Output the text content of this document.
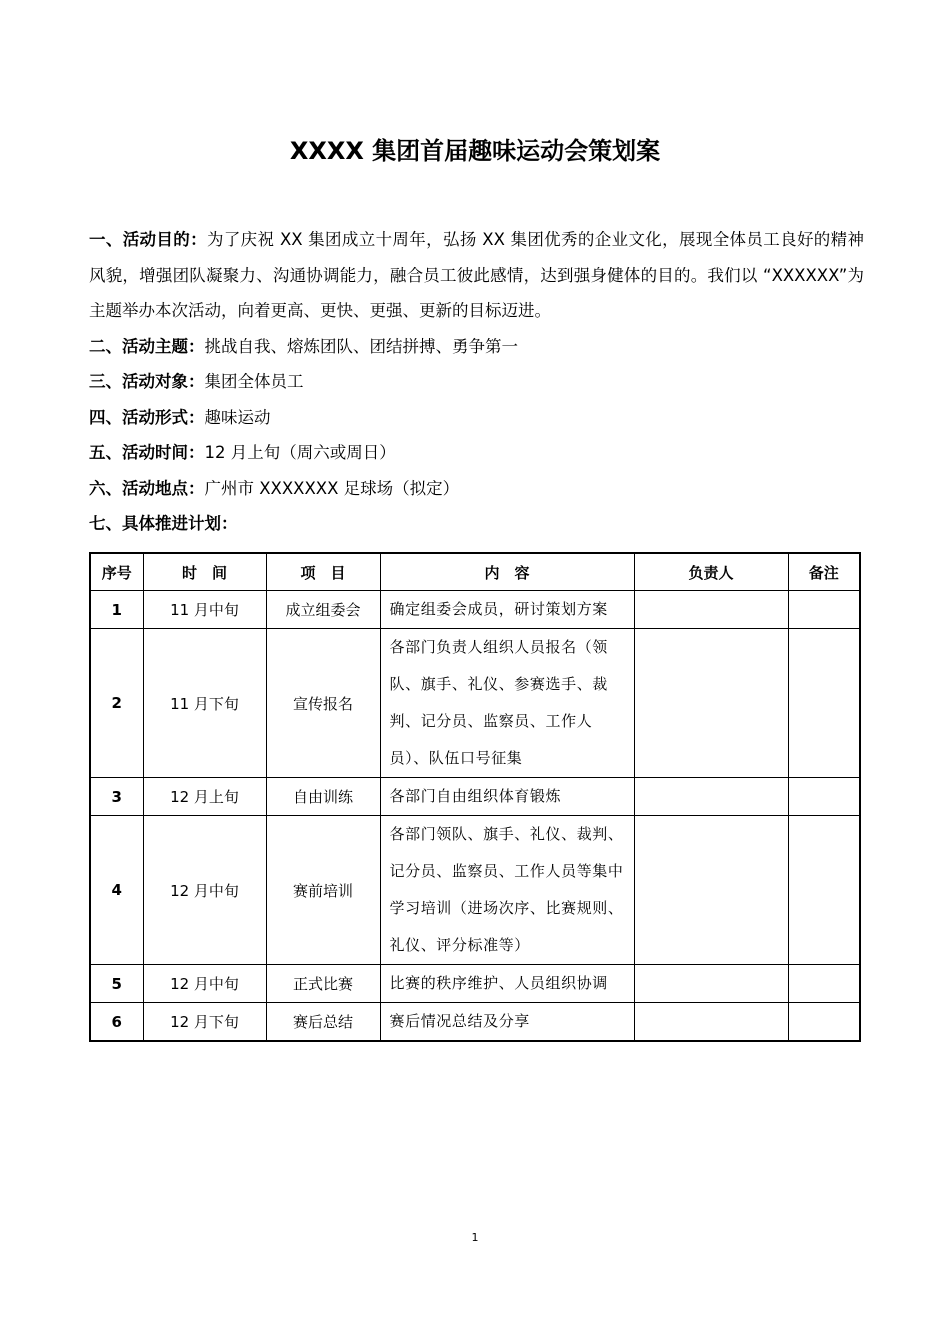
XXXX 集团首届趣味运动会策划案

一、活动目的：为了庆祝 XX 集团成立十周年，弘扬 XX 集团优秀的企业文化，展现全体员工良好的精神风貌，增强团队凝聚力、沟通协调能力，融合员工彼此感情，达到强身健体的目的。我们以 “XXXXXX”为主题举办本次活动，向着更高、更快、更强、更新的目标迈进。

二、活动主题：挑战自我、熔炼团队、团结拼搏、勇争第一

三、活动对象：集团全体员工

四、活动形式：趣味运动

五、活动时间：12 月上旬（周六或周日）

六、活动地点：广州市 XXXXXXX 足球场（拟定）

七、具体推进计划：

序号	时　间	项　目	内　容	负责人	备注
1	11 月中旬	成立组委会	确定组委会成员，研讨策划方案		
2	11 月下旬	宣传报名	各部门负责人组织人员报名（领队、旗手、礼仪、参赛选手、裁判、记分员、监察员、工作人员）、队伍口号征集		
3	12 月上旬	自由训练	各部门自由组织体育锻炼		
4	12 月中旬	赛前培训	各部门领队、旗手、礼仪、裁判、记分员、监察员、工作人员等集中学习培训（进场次序、比赛规则、礼仪、评分标准等）		
5	12 月中旬	正式比赛	比赛的秩序维护、人员组织协调		
6	12 月下旬	赛后总结	赛后情况总结及分享		
1
